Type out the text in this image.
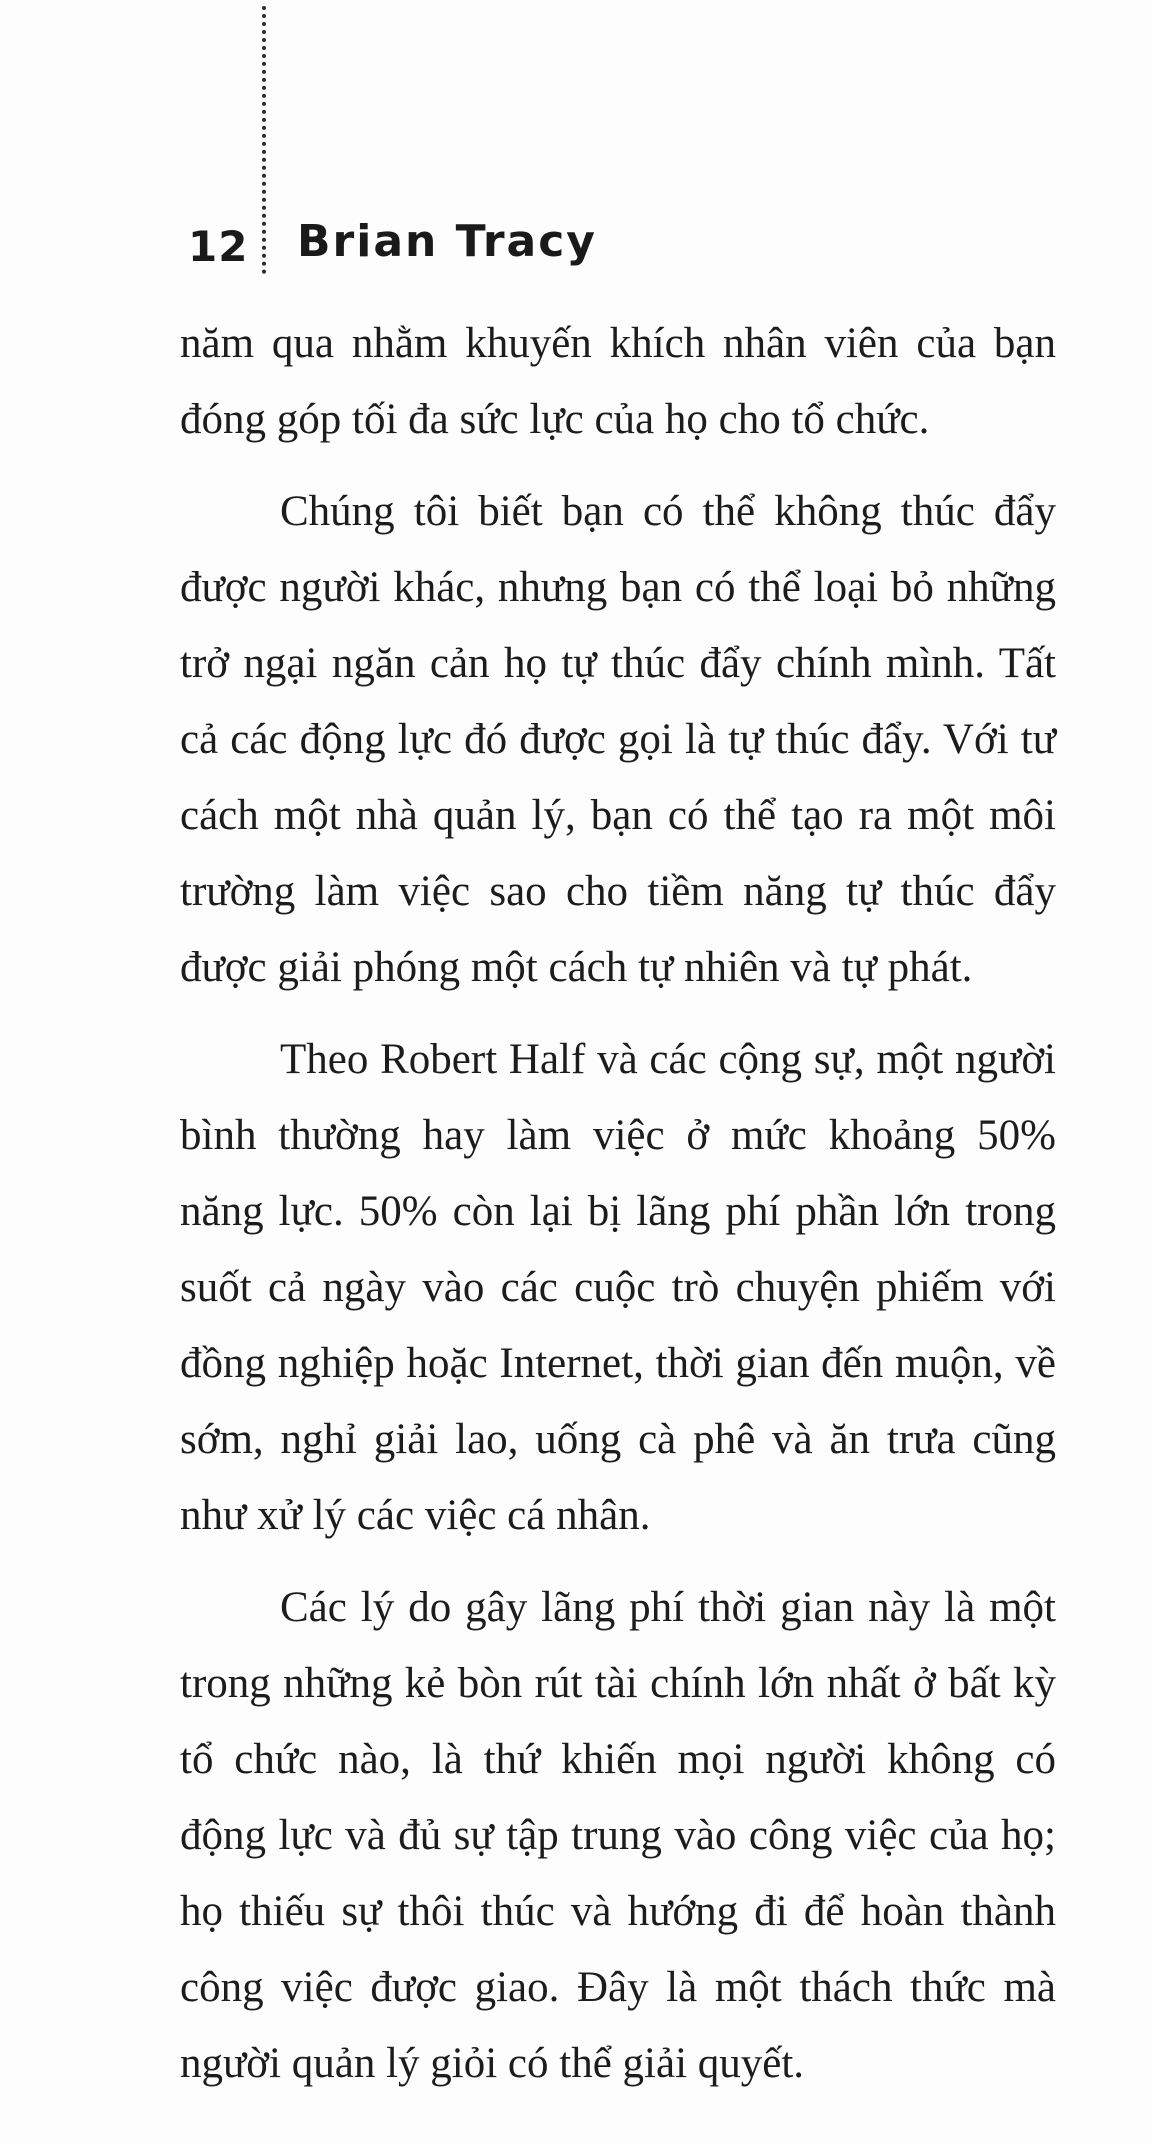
12 Brian Tracy

năm qua nhằm khuyến khích nhân viên của bạn đóng góp tối đa sức lực của họ cho tổ chức.

Chúng tôi biết bạn có thể không thúc đẩy được người khác, nhưng bạn có thể loại bỏ những trở ngại ngăn cản họ tự thúc đẩy chính mình. Tất cả các động lực đó được gọi là tự thúc đẩy. Với tư cách một nhà quản lý, bạn có thể tạo ra một môi trường làm việc sao cho tiềm năng tự thúc đẩy được giải phóng một cách tự nhiên và tự phát.

Theo Robert Half và các cộng sự, một người bình thường hay làm việc ở mức khoảng 50% năng lực. 50% còn lại bị lãng phí phần lớn trong suốt cả ngày vào các cuộc trò chuyện phiếm với đồng nghiệp hoặc Internet, thời gian đến muộn, về sớm, nghỉ giải lao, uống cà phê và ăn trưa cũng như xử lý các việc cá nhân.

Các lý do gây lãng phí thời gian này là một trong những kẻ bòn rút tài chính lớn nhất ở bất kỳ tổ chức nào, là thứ khiến mọi người không có động lực và đủ sự tập trung vào công việc của họ; họ thiếu sự thôi thúc và hướng đi để hoàn thành công việc được giao. Đây là một thách thức mà người quản lý giỏi có thể giải quyết.
